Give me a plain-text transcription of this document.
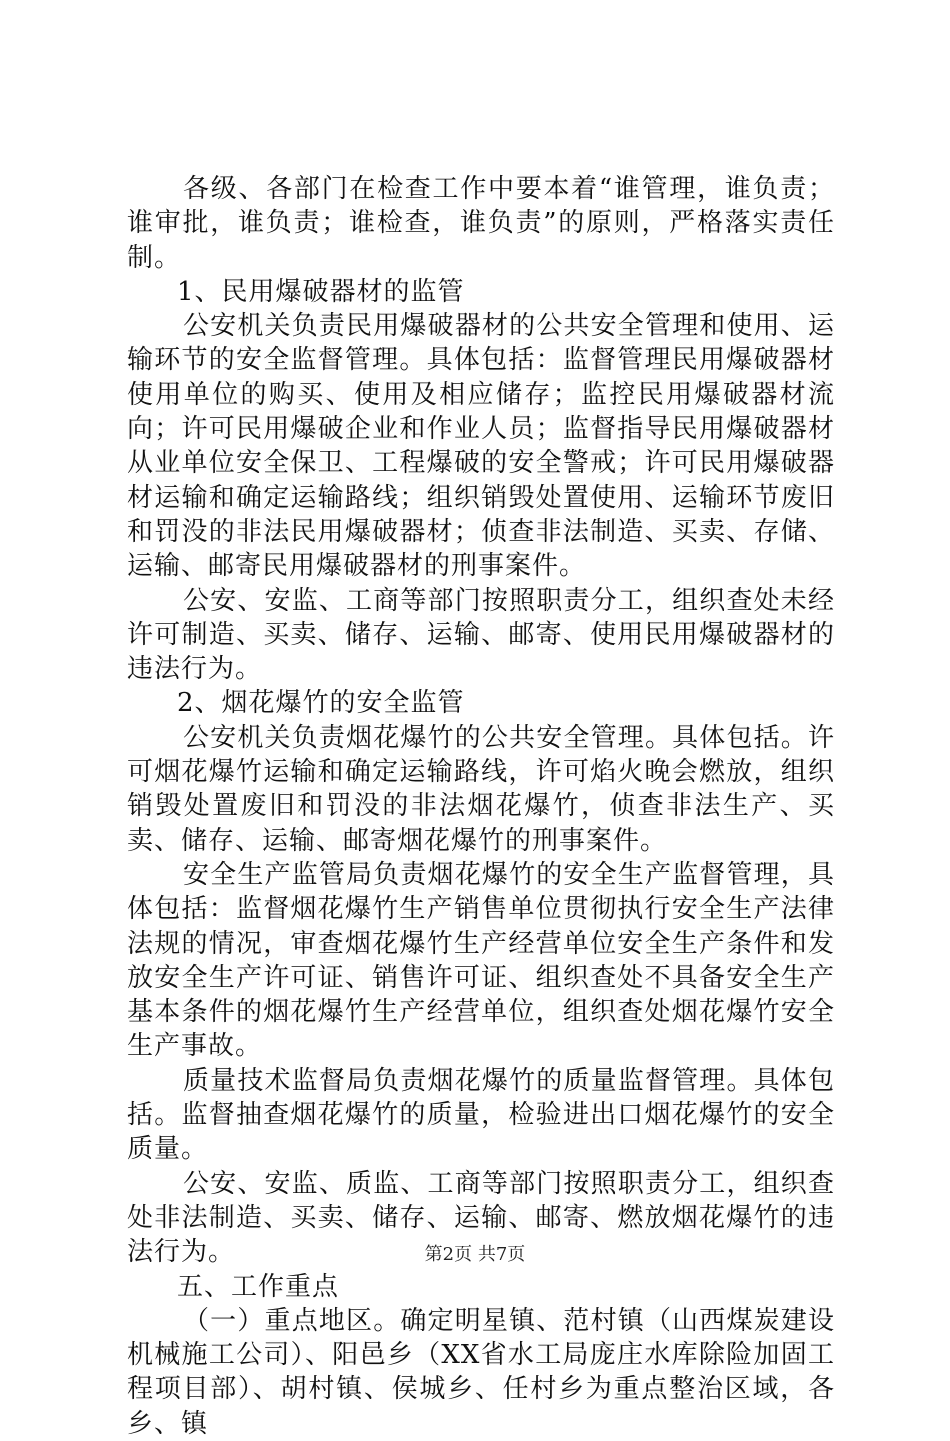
各级、各部门在检查工作中要本着“谁管理，谁负责；谁审批，谁负责；谁检查，谁负责”的原则，严格落实责任制。

1、民用爆破器材的监管

公安机关负责民用爆破器材的公共安全管理和使用、运输环节的安全监督管理。具体包括：监督管理民用爆破器材使用单位的购买、使用及相应储存；监控民用爆破器材流向；许可民用爆破企业和作业人员；监督指导民用爆破器材从业单位安全保卫、工程爆破的安全警戒；许可民用爆破器材运输和确定运输路线；组织销毁处置使用、运输环节废旧和罚没的非法民用爆破器材；侦查非法制造、买卖、存储、运输、邮寄民用爆破器材的刑事案件。

公安、安监、工商等部门按照职责分工，组织查处未经许可制造、买卖、储存、运输、邮寄、使用民用爆破器材的违法行为。

2、烟花爆竹的安全监管

公安机关负责烟花爆竹的公共安全管理。具体包括。许可烟花爆竹运输和确定运输路线，许可焰火晚会燃放，组织销毁处置废旧和罚没的非法烟花爆竹，侦查非法生产、买卖、储存、运输、邮寄烟花爆竹的刑事案件。

安全生产监管局负责烟花爆竹的安全生产监督管理，具体包括：监督烟花爆竹生产销售单位贯彻执行安全生产法律法规的情况，审查烟花爆竹生产经营单位安全生产条件和发放安全生产许可证、销售许可证、组织查处不具备安全生产基本条件的烟花爆竹生产经营单位，组织查处烟花爆竹安全生产事故。

质量技术监督局负责烟花爆竹的质量监督管理。具体包括。监督抽查烟花爆竹的质量，检验进出口烟花爆竹的安全质量。

公安、安监、质监、工商等部门按照职责分工，组织查处非法制造、买卖、储存、运输、邮寄、燃放烟花爆竹的违法行为。

五、工作重点

（一）重点地区。确定明星镇、范村镇（山西煤炭建设机械施工公司）、阳邑乡（XX省水工局庞庄水库除险加固工程项目部）、胡村镇、侯城乡、任村乡为重点整治区域，各乡、镇

第2页 共7页
